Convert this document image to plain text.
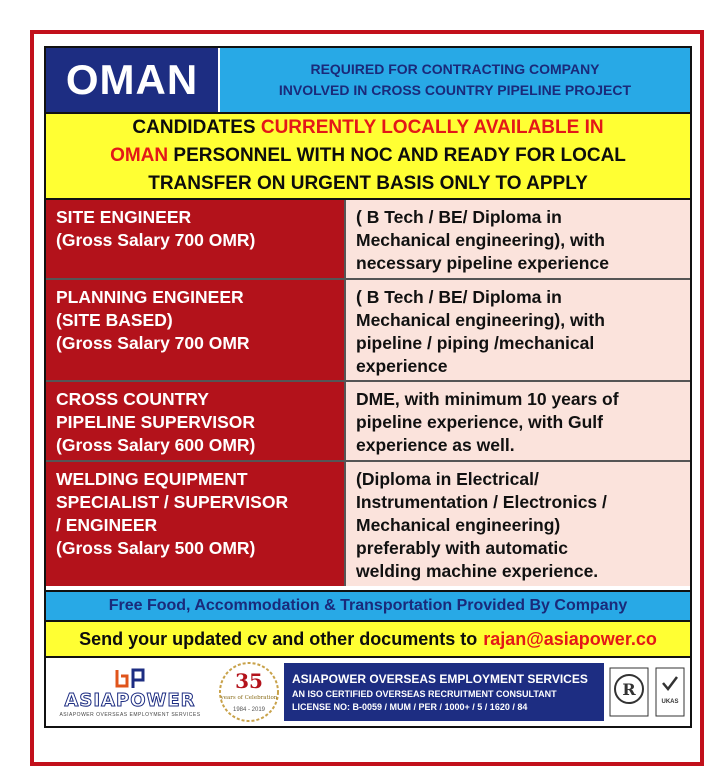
OMAN	REQUIRED FOR CONTRACTING COMPANY
INVOLVED IN CROSS COUNTRY PIPELINE PROJECT
CANDIDATES CURRENTLY LOCALLY AVAILABLE IN
OMAN PERSONNEL WITH NOC AND READY FOR LOCAL
TRANSFER ON URGENT BASIS ONLY TO APPLY
SITE ENGINEER
(Gross Salary 700 OMR)
( B Tech / BE/ Diploma in
Mechanical engineering), with
necessary pipeline experience
PLANNING ENGINEER
(SITE BASED)
(Gross Salary 700 OMR
( B Tech / BE/ Diploma in
Mechanical engineering), with
pipeline / piping /mechanical
experience
CROSS COUNTRY
PIPELINE SUPERVISOR
(Gross Salary 600 OMR)
DME, with minimum 10 years of
pipeline experience, with Gulf
experience as well.
WELDING EQUIPMENT
SPECIALIST / SUPERVISOR
/ ENGINEER
(Gross Salary 500 OMR)
(Diploma in Electrical/
Instrumentation / Electronics /
Mechanical engineering)
preferably with automatic
welding machine experience.
Free Food, Accommodation & Transportation Provided By Company
Send your updated cv and other documents to rajan@asiapower.co
ASIAPOWER
ASIAPOWER OVERSEAS EMPLOYMENT SERVICES
35
years of Celebration
1984 - 2019
ASIAPOWER OVERSEAS EMPLOYMENT SERVICES
AN ISO CERTIFIED OVERSEAS RECRUITMENT CONSULTANT
LICENSE NO: B-0059 / MUM / PER / 1000+ / 5 / 1620 / 84
R
UKAS
